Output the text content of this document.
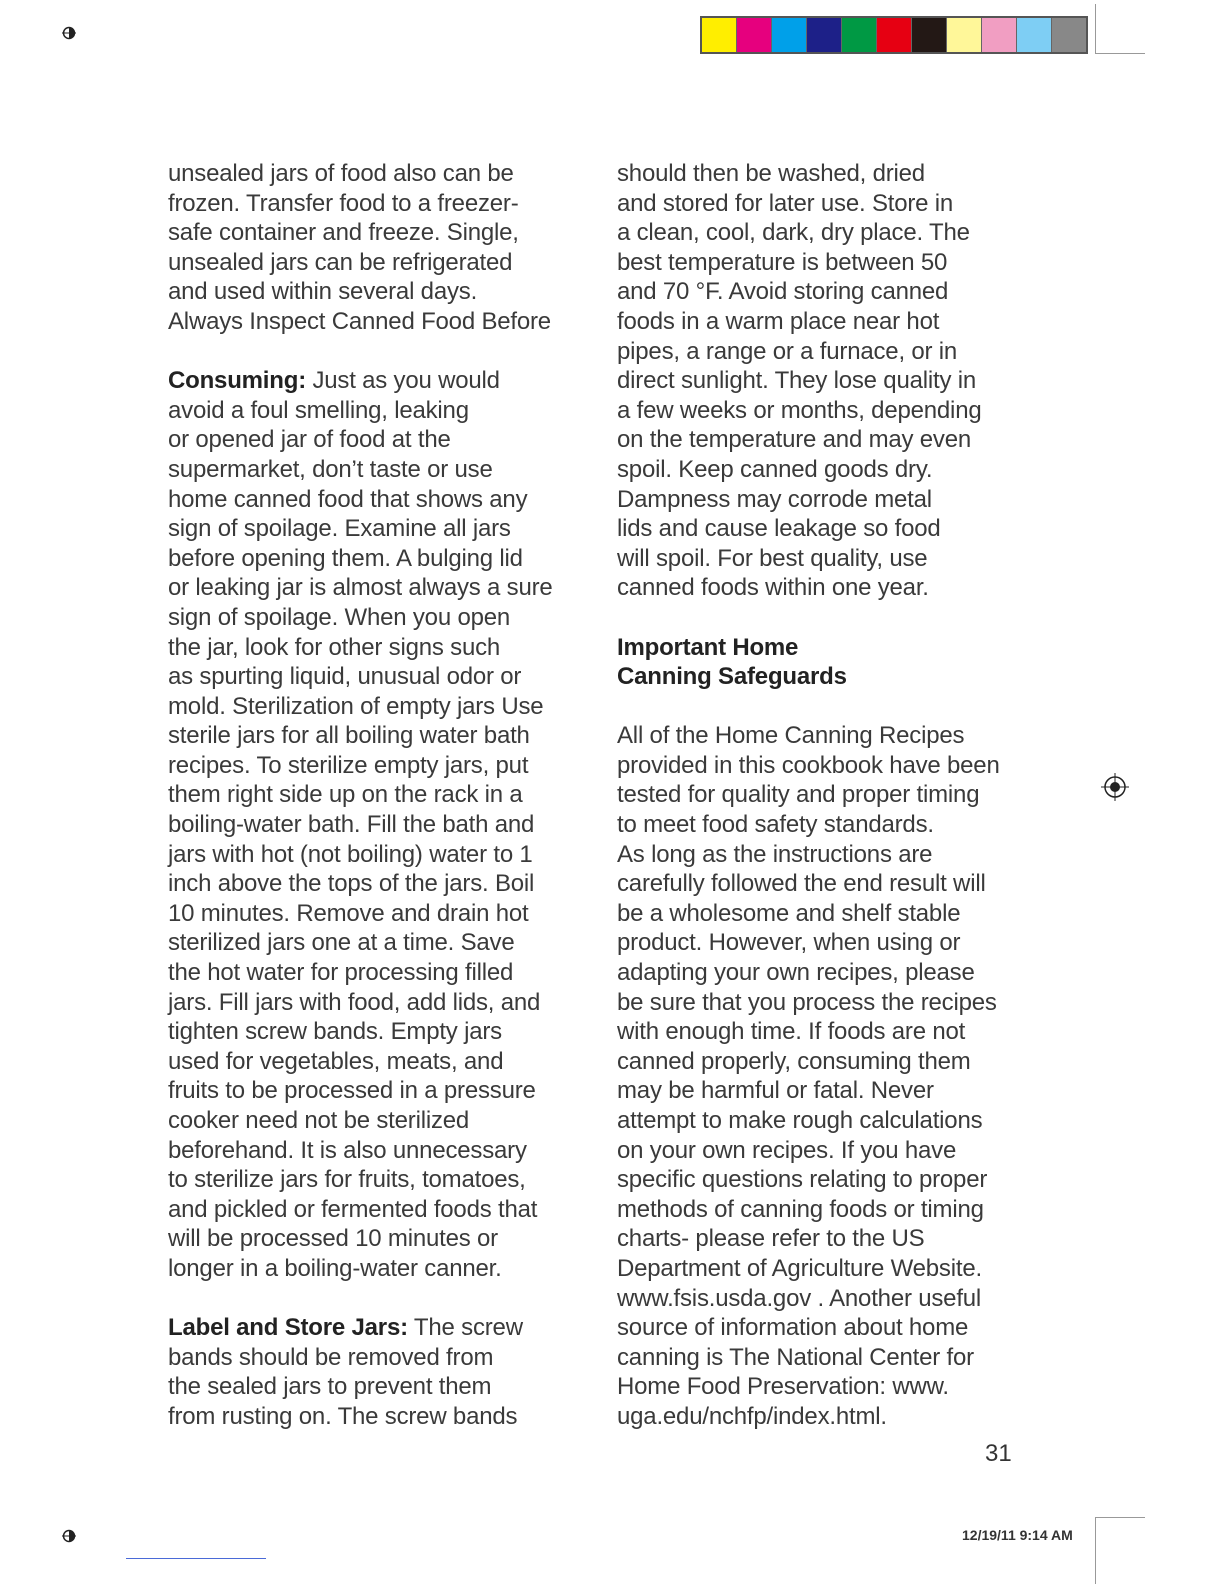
unsealed jars of food also can be
frozen. Transfer food to a freezer-
safe container and freeze. Single,
unsealed jars can be refrigerated
and used within several days.
Always Inspect Canned Food Before
Consuming: Just as you would
avoid a foul smelling, leaking
or opened jar of food at the
supermarket, don’t taste or use
home canned food that shows any
sign of spoilage. Examine all jars
before opening them. A bulging lid
or leaking jar is almost always a sure
sign of spoilage. When you open
the jar, look for other signs such
as spurting liquid, unusual odor or
mold. Sterilization of empty jars Use
sterile jars for all boiling water bath
recipes. To sterilize empty jars, put
them right side up on the rack in a
boiling-water bath. Fill the bath and
jars with hot (not boiling) water to 1
inch above the tops of the jars. Boil
10 minutes. Remove and drain hot
sterilized jars one at a time. Save
the hot water for processing filled
jars. Fill jars with food, add lids, and
tighten screw bands. Empty jars
used for vegetables, meats, and
fruits to be processed in a pressure
cooker need not be sterilized
beforehand. It is also unnecessary
to sterilize jars for fruits, tomatoes,
and pickled or fermented foods that
will be processed 10 minutes or
longer in a boiling-water canner.
Label and Store Jars: The screw
bands should be removed from
the sealed jars to prevent them
from rusting on. The screw bands
should then be washed, dried
and stored for later use. Store in
a clean, cool, dark, dry place. The
best temperature is between 50
and 70 °F. Avoid storing canned
foods in a warm place near hot
pipes, a range or a furnace, or in
direct sunlight. They lose quality in
a few weeks or months, depending
on the temperature and may even
spoil. Keep canned goods dry.
Dampness may corrode metal
lids and cause leakage so food
will spoil. For best quality, use
canned foods within one year.
Important Home
Canning Safeguards
All of the Home Canning Recipes
provided in this cookbook have been
tested for quality and proper timing
to meet food safety standards.
As long as the instructions are
carefully followed the end result will
be a wholesome and shelf stable
product. However, when using or
adapting your own recipes, please
be sure that you process the recipes
with enough time. If foods are not
canned properly, consuming them
may be harmful or fatal. Never
attempt to make rough calculations
on your own recipes. If you have
specific questions relating to proper
methods of canning foods or timing
charts- please refer to the US
Department of Agriculture Website.
www.fsis.usda.gov . Another useful
source of information about home
canning is The National Center for
Home Food Preservation: www.
uga.edu/nchfp/index.html.
31
12/19/11 9:14 AM
